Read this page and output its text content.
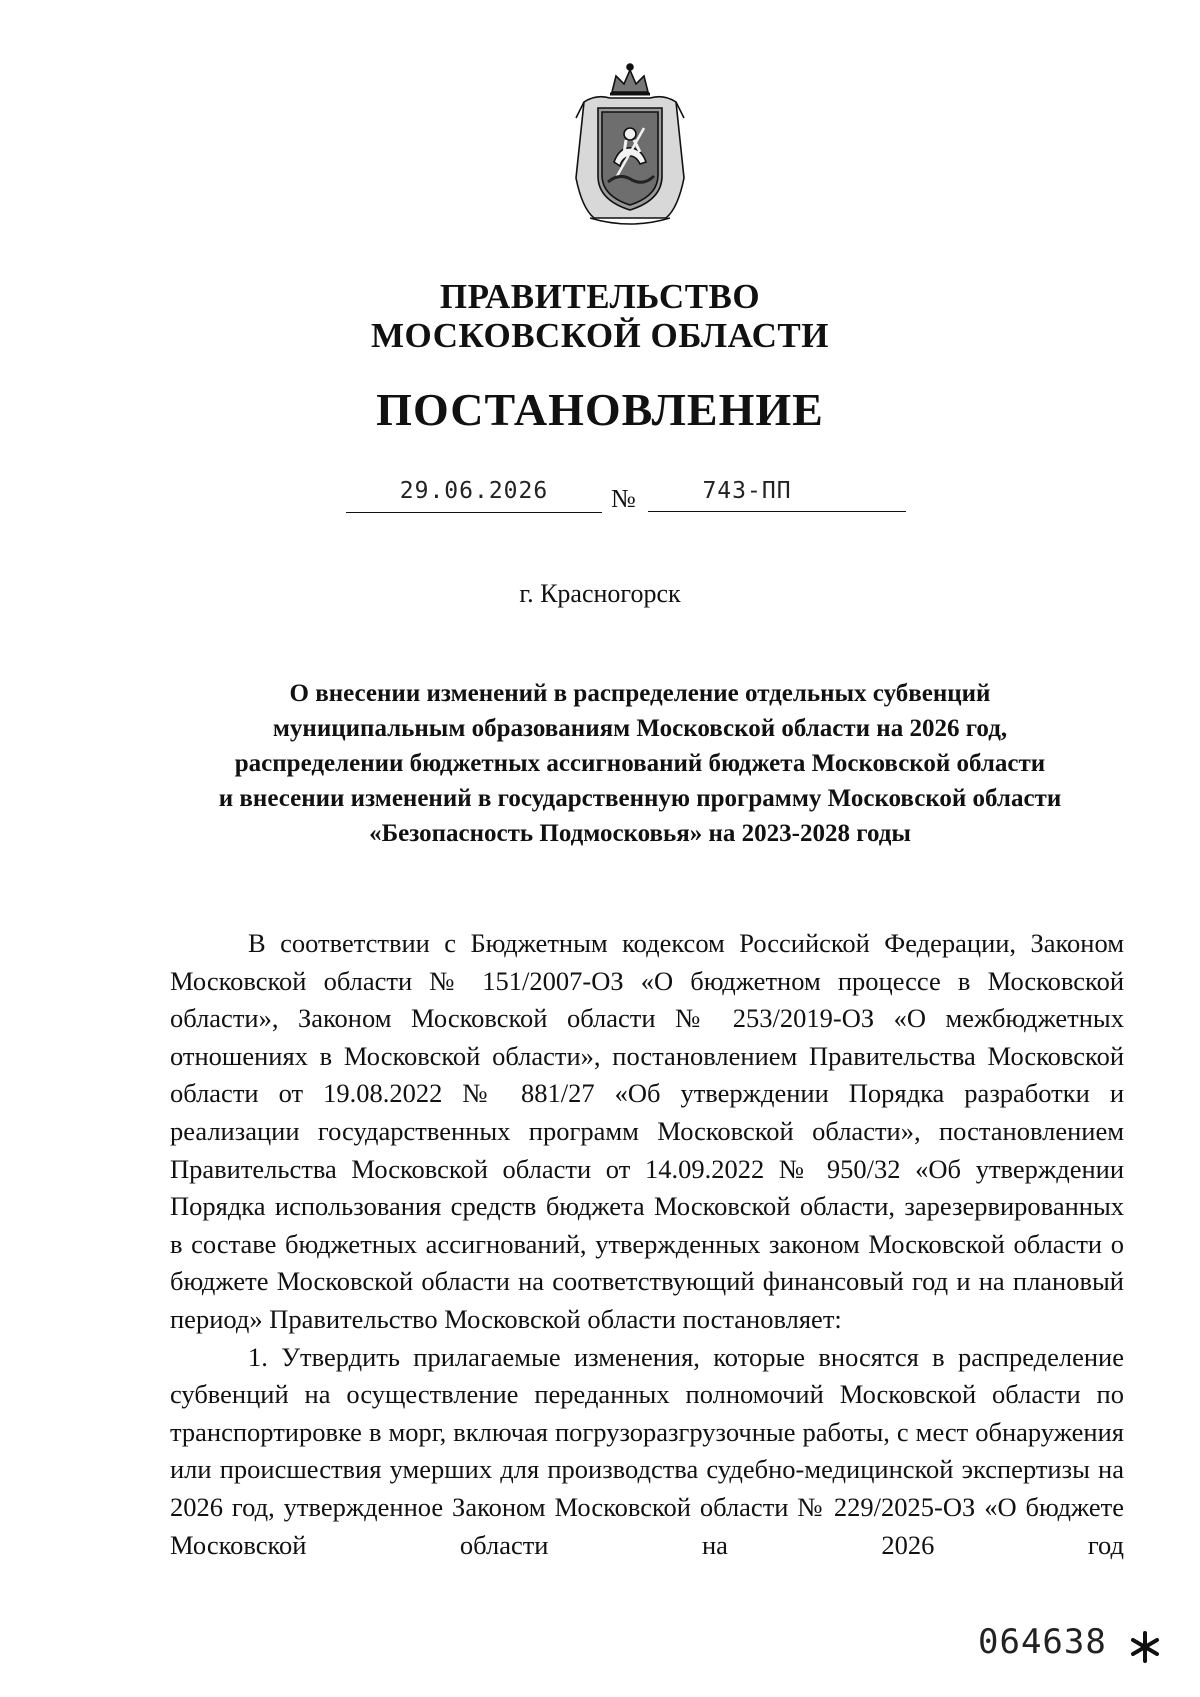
ПРАВИТЕЛЬСТВО
МОСКОВСКОЙ ОБЛАСТИ
ПОСТАНОВЛЕНИЕ
29.06.2026	№	743-ПП
г. Красногорск
О внесении изменений в распределение отдельных субвенций
муниципальным образованиям Московской области на 2026 год,
распределении бюджетных ассигнований бюджета Московской области
и внесении изменений в государственную программу Московской области
«Безопасность Подмосковья» на 2023-2028 годы

В соответствии с Бюджетным кодексом Российской Федерации, Законом Московской области № 151/2007-ОЗ «О бюджетном процессе в Московской области», Законом Московской области № 253/2019-ОЗ «О межбюджетных отношениях в Московской области», постановлением Правительства Московской области от 19.08.2022 № 881/27 «Об утверждении Порядка разработки и реализации государственных программ Московской области», постановлением Правительства Московской области от 14.09.2022 № 950/32 «Об утверждении Порядка использования средств бюджета Московской области, зарезервированных в составе бюджетных ассигнований, утвержденных законом Московской области о бюджете Московской области на соответствующий финансовый год и на плановый период» Правительство Московской области постановляет:

1. Утвердить прилагаемые изменения, которые вносятся в распределение субвенций на осуществление переданных полномочий Московской области по транспортировке в морг, включая погрузоразгрузочные работы, с мест обнаружения или происшествия умерших для производства судебно-медицинской экспертизы на 2026 год, утвержденное Законом Московской области № 229/2025-ОЗ «О бюджете Московской области на 2026 год

064638
